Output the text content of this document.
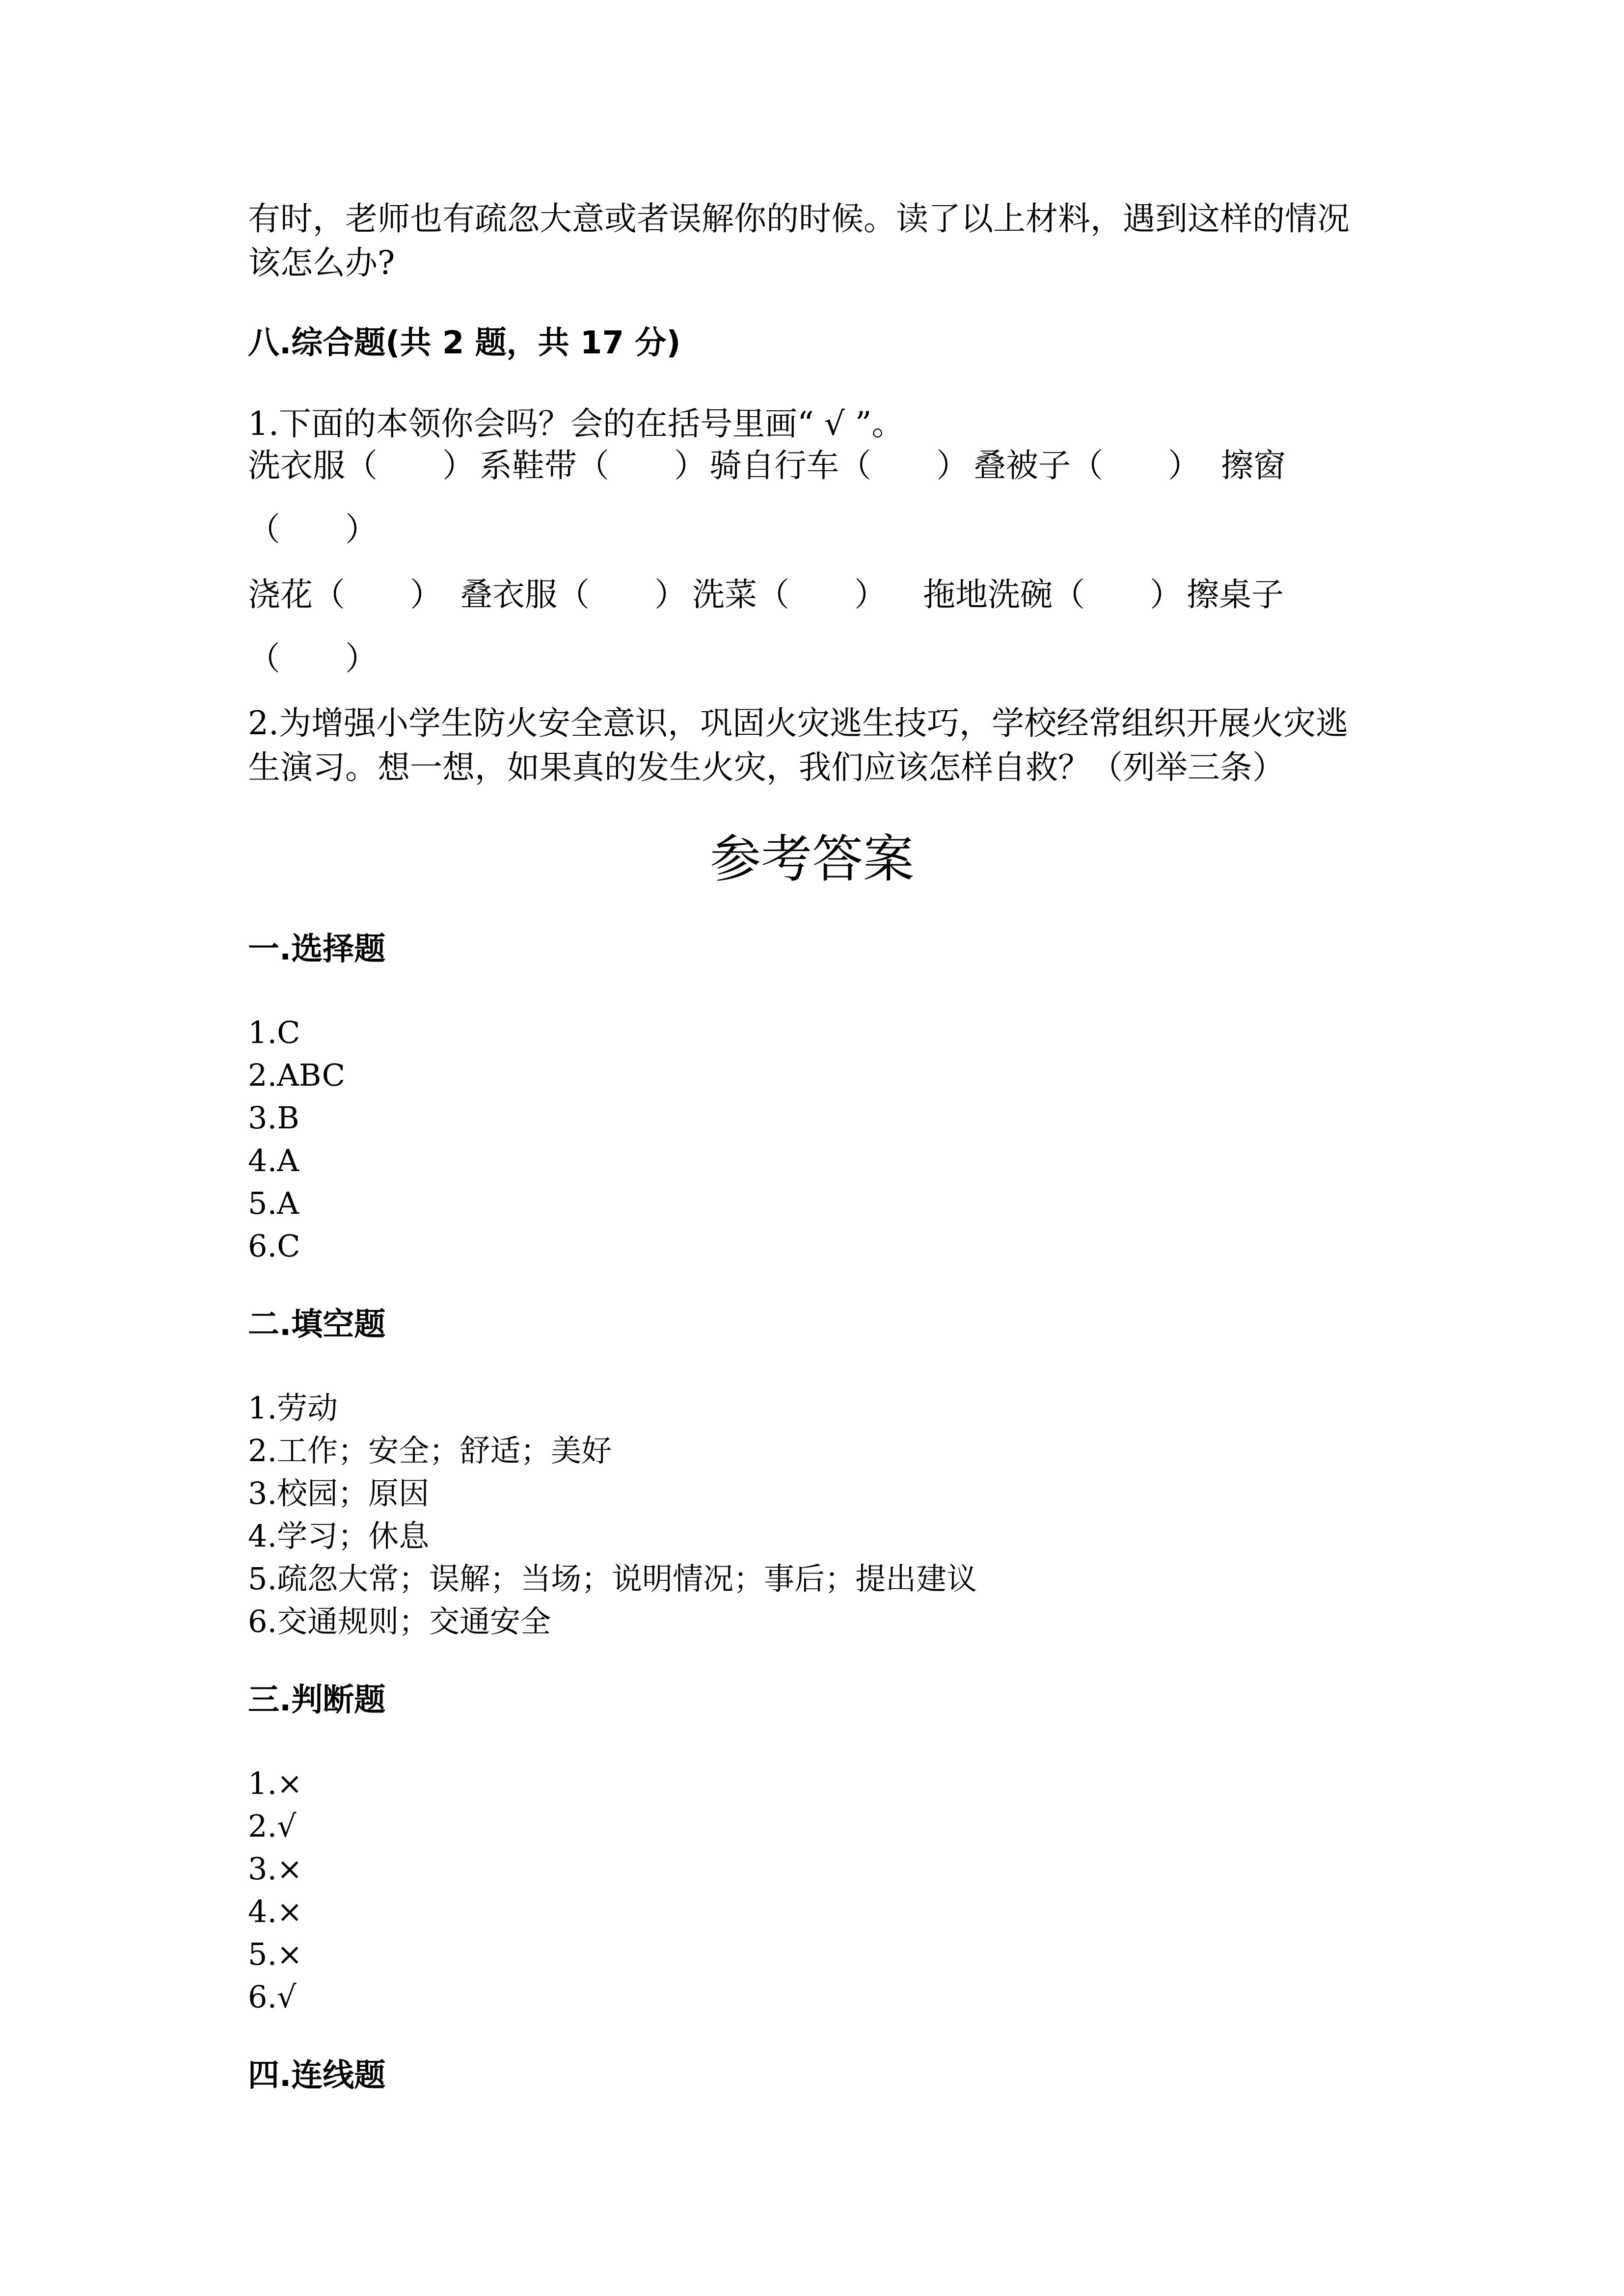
有时，老师也有疏忽大意或者误解你的时候。读了以上材料，遇到这样的情况
该怎么办?
八.综合题(共 2 题，共 17 分)
1.下面的本领你会吗？会的在括号里画“ √ ”。
洗衣服（　　） 系鞋带（　　） 骑自行车（　　） 叠被子（　　） 擦窗
（　　）
浇花（　　） 叠衣服（　　） 洗菜（　　） 拖地洗碗（　　） 擦桌子
（　　）
2.为增强小学生防火安全意识，巩固火灾逃生技巧，学校经常组织开展火灾逃
生演习。想一想，如果真的发生火灾，我们应该怎样自救？（列举三条）
参考答案
一.选择题
1.C
2.ABC
3.B
4.A
5.A
6.C
二.填空题
1.劳动
2.工作；安全；舒适；美好
3.校园；原因
4.学习；休息
5.疏忽大常；误解；当场；说明情况；事后；提出建议
6.交通规则；交通安全
三.判断题
1.×
2.√
3.×
4.×
5.×
6.√
四.连线题
